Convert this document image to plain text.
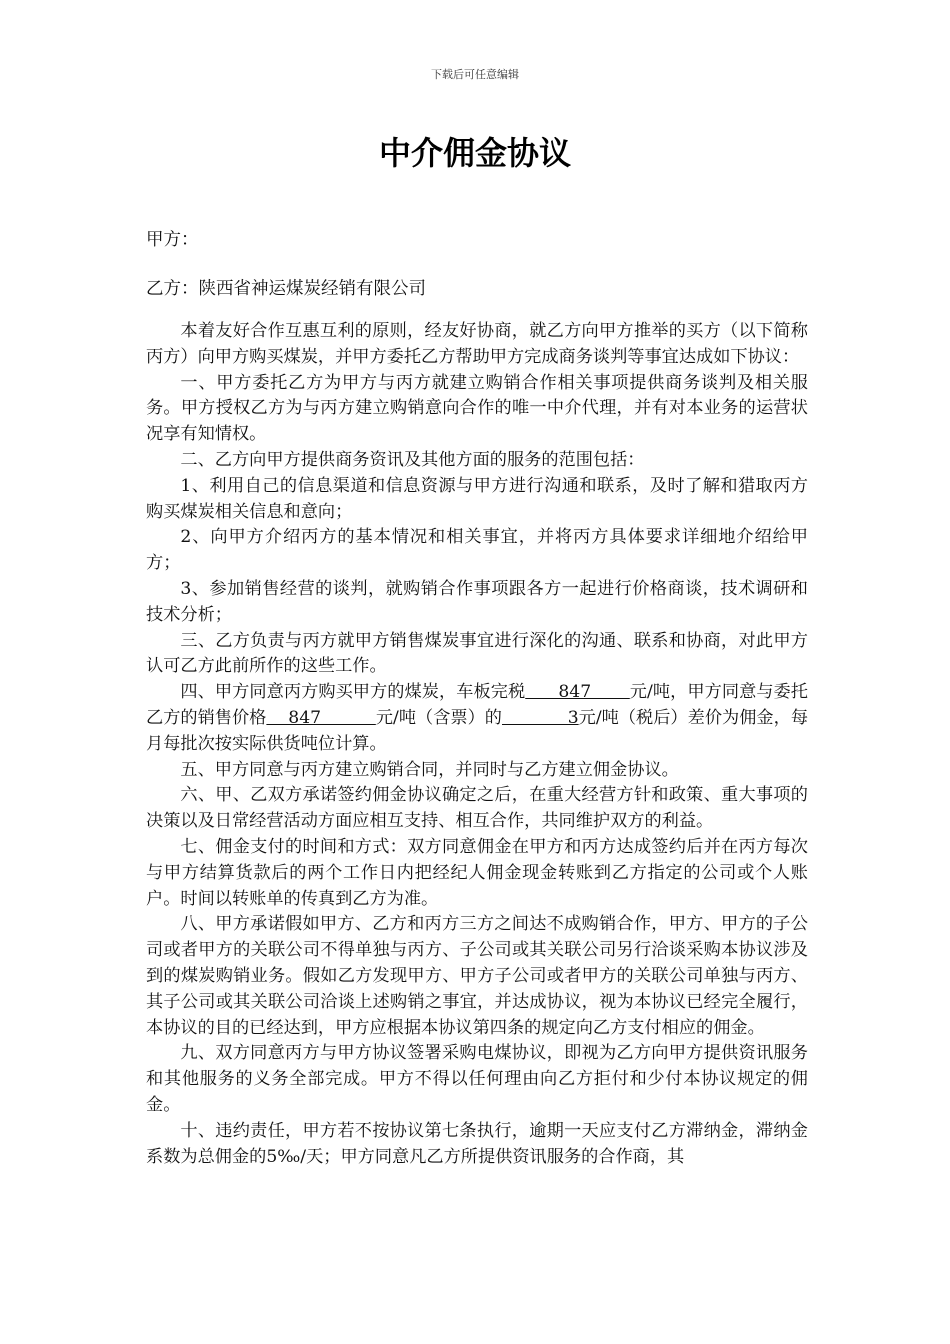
下载后可任意编辑
中介佣金协议
甲方：
乙方：陕西省神运煤炭经销有限公司

本着友好合作互惠互利的原则，经友好协商，就乙方向甲方推举的买方（以下简称丙方）向甲方购买煤炭，并甲方委托乙方帮助甲方完成商务谈判等事宜达成如下协议：

一、甲方委托乙方为甲方与丙方就建立购销合作相关事项提供商务谈判及相关服务。甲方授权乙方为与丙方建立购销意向合作的唯一中介代理，并有对本业务的运营状况享有知情权。

二、乙方向甲方提供商务资讯及其他方面的服务的范围包括：

1、利用自己的信息渠道和信息资源与甲方进行沟通和联系，及时了解和猎取丙方购买煤炭相关信息和意向；

2、向甲方介绍丙方的基本情况和相关事宜，并将丙方具体要求详细地介绍给甲方；

3、参加销售经营的谈判，就购销合作事项跟各方一起进行价格商谈，技术调研和技术分析；

三、乙方负责与丙方就甲方销售煤炭事宜进行深化的沟通、联系和协商，对此甲方认可乙方此前所作的这些工作。

四、甲方同意丙方购买甲方的煤炭，车板完税      847       元/吨，甲方同意与委托乙方的销售价格    847          元/吨（含票）的            3元/吨（税后）差价为佣金，每月每批次按实际供货吨位计算。

五、甲方同意与丙方建立购销合同，并同时与乙方建立佣金协议。

六、甲、乙双方承诺签约佣金协议确定之后，在重大经营方针和政策、重大事项的决策以及日常经营活动方面应相互支持、相互合作，共同维护双方的利益。

七、佣金支付的时间和方式：双方同意佣金在甲方和丙方达成签约后并在丙方每次与甲方结算货款后的两个工作日内把经纪人佣金现金转账到乙方指定的公司或个人账户。时间以转账单的传真到乙方为准。

八、甲方承诺假如甲方、乙方和丙方三方之间达不成购销合作，甲方、甲方的子公司或者甲方的关联公司不得单独与丙方、子公司或其关联公司另行洽谈采购本协议涉及到的煤炭购销业务。假如乙方发现甲方、甲方子公司或者甲方的关联公司单独与丙方、其子公司或其关联公司洽谈上述购销之事宜，并达成协议，视为本协议已经完全履行，本协议的目的已经达到，甲方应根据本协议第四条的规定向乙方支付相应的佣金。

九、双方同意丙方与甲方协议签署采购电煤协议，即视为乙方向甲方提供资讯服务和其他服务的义务全部完成。甲方不得以任何理由向乙方拒付和少付本协议规定的佣金。

十、违约责任，甲方若不按协议第七条执行，逾期一天应支付乙方滞纳金，滞纳金系数为总佣金的5‰/天；甲方同意凡乙方所提供资讯服务的合作商，其
